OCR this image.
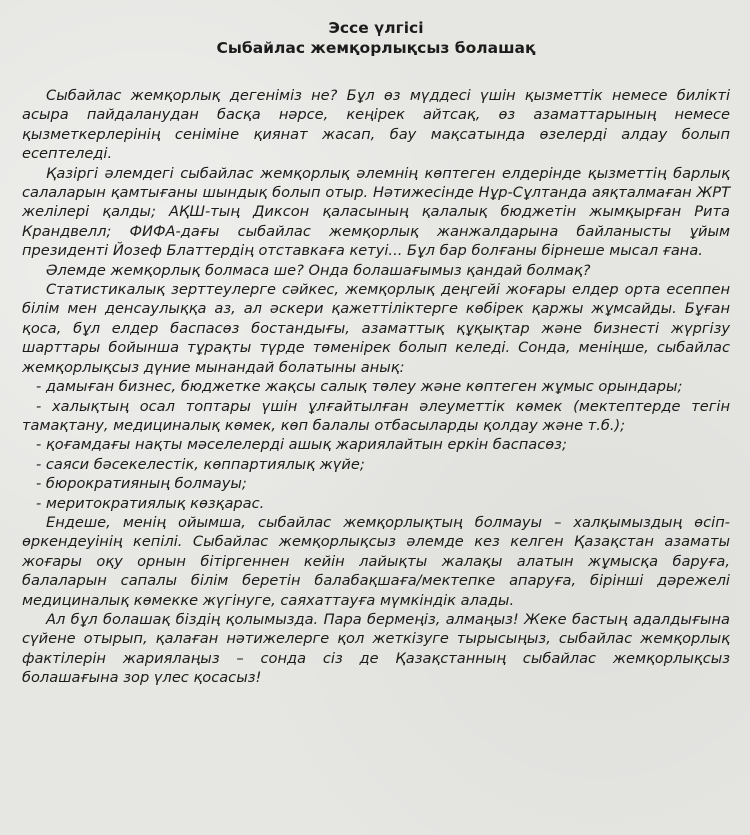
Эссе үлгісі
Сыбайлас жемқорлықсыз болашақ

Сыбайлас жемқорлық дегеніміз не? Бұл өз мүддесі үшін қызметтік немесе билікті асыра пайдаланудан басқа нәрсе, кеңірек айтсақ, өз азаматтарының немесе қызметкерлерінің сеніміне қиянат жасап, бау мақсатында өзелерді алдау болып есептеледі.

Қазіргі әлемдегі сыбайлас жемқорлық әлемнің көптеген елдерінде қызметтің барлық салаларын қамтығаны шындық болып отыр. Нәтижесінде Нұр-Сұлтанда аяқталмаған ЖРТ желілері қалды; АҚШ-тың Диксон қаласының қалалық бюджетін жымқырған Рита Крандвелл; ФИФА-дағы сыбайлас жемқорлық жанжалдарына байланысты ұйым президенті Йозеф Блаттердің отставкаға кетуі... Бұл бар болғаны бірнеше мысал ғана.

Әлемде жемқорлық болмаса ше? Онда болашағымыз қандай болмақ?

Статистикалық зерттеулерге сәйкес, жемқорлық деңгейі жоғары елдер орта есеппен білім мен денсаулыққа аз, ал әскери қажеттіліктерге көбірек қаржы жұмсайды. Бұған қоса, бұл елдер баспасөз бостандығы, азаматтық құқықтар және бизнесті жүргізу шарттары бойынша тұрақты түрде төменірек болып келеді. Сонда, меніңше, сыбайлас жемқорлықсыз дүние мынандай болатыны анық:

- дамыған бизнес, бюджетке жақсы салық төлеу және көптеген жұмыс орындары;
- халықтың осал топтары үшін ұлғайтылған әлеуметтік көмек (мектептерде тегін тамақтану, медициналық көмек, көп балалы отбасыларды қолдау және т.б.);
- қоғамдағы нақты мәселелерді ашық жариялайтын еркін баспасөз;
- саяси бәсекелестік, көппартиялық жүйе;
- бюрократияның болмауы;
- меритократиялық көзқарас.

Ендеше, менің ойымша, сыбайлас жемқорлықтың болмауы – халқымыздың өсіп-өркендеуінің кепілі. Сыбайлас жемқорлықсыз әлемде кез келген Қазақстан азаматы жоғары оқу орнын бітіргеннен кейін лайықты жалақы алатын жұмысқа баруға, балаларын сапалы білім беретін балабақшаға/мектепке апаруға, бірінші дәрежелі медициналық көмекке жүгінуге, саяхаттауға мүмкіндік алады.

Ал бұл болашақ біздің қолымызда. Пара бермеңіз, алмаңыз! Жеке бастың адалдығына сүйене отырып, қалаған нәтижелерге қол жеткізуге тырысыңыз, сыбайлас жемқорлық фактілерін жариялаңыз – сонда сіз де Қазақстанның сыбайлас жемқорлықсыз болашағына зор үлес қосасыз!
